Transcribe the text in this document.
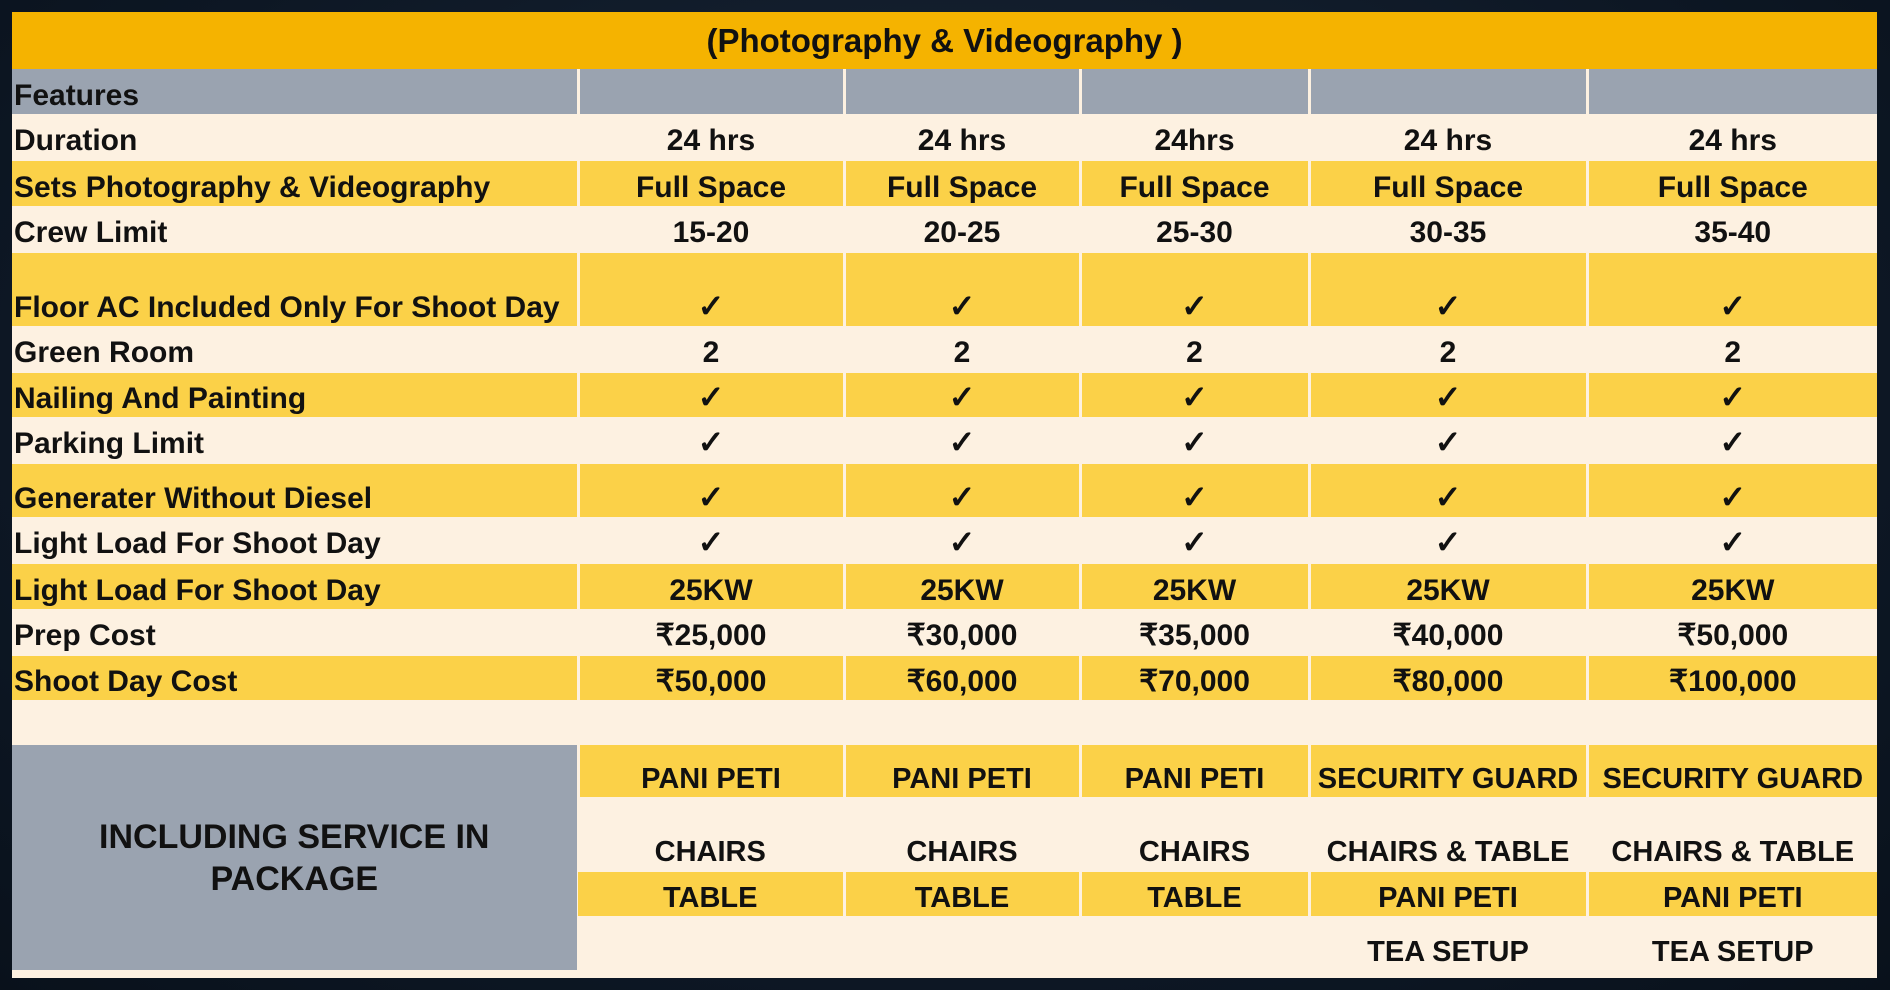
(Photography & Videography )					
Features					
Duration	24 hrs	24 hrs	24hrs	24 hrs	24 hrs
Sets Photography & Videography	Full Space	Full Space	Full Space	Full Space	Full Space
Crew Limit	15-20	20-25	25-30	30-35	35-40
Floor AC Included Only For Shoot Day	✓	✓	✓	✓	✓
Green Room	2	2	2	2	2
Nailing And Painting	✓	✓	✓	✓	✓
Parking Limit	✓	✓	✓	✓	✓
Generater Without Diesel	✓	✓	✓	✓	✓
Light Load For Shoot Day	✓	✓	✓	✓	✓
Light Load For Shoot Day	25KW	25KW	25KW	25KW	25KW
Prep Cost	₹25,000	₹30,000	₹35,000	₹40,000	₹50,000
Shoot Day Cost	₹50,000	₹60,000	₹70,000	₹80,000	₹100,000

INCLUDING SERVICE IN PACKAGE	PANI PETI	PANI PETI	PANI PETI	SECURITY GUARD	SECURITY GUARD
	CHAIRS	CHAIRS	CHAIRS	CHAIRS & TABLE	CHAIRS & TABLE
	TABLE	TABLE	TABLE	PANI PETI	PANI PETI
				TEA SETUP	TEA SETUP
